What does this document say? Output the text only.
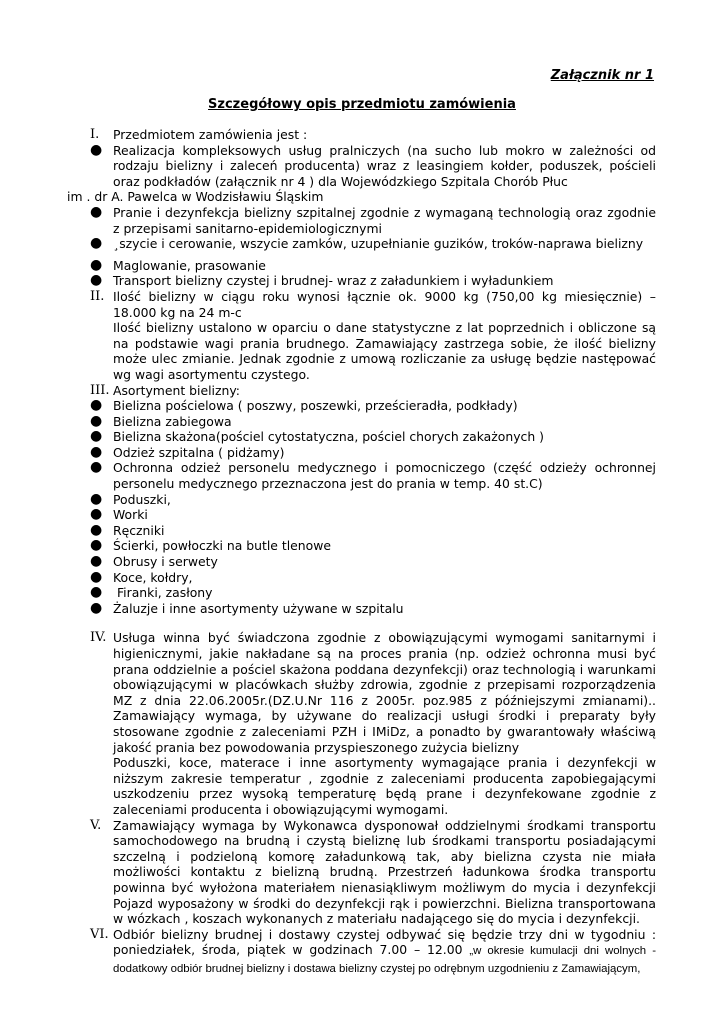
Załącznik nr 1
Szczegółowy opis przedmiotu zamówienia
I.	Przedmiotem zamówienia jest :
● Realizacja kompleksowych usług pralniczych (na sucho lub mokro w zależności od rodzaju bielizny i zaleceń producenta) wraz z leasingiem kołder, poduszek, pościeli oraz podkładów (załącznik nr 4 ) dla Wojewódzkiego Szpitala Chorób Płuc
im . dr A. Pawelca w Wodzisławiu Śląskim
● Pranie i dezynfekcja bielizny szpitalnej zgodnie z wymaganą technologią oraz zgodnie z przepisami sanitarno-epidemiologicznymi
● ¸szycie i cerowanie, wszycie zamków, uzupełnianie guzików, troków-naprawa bielizny
● Maglowanie, prasowanie
● Transport bielizny czystej i brudnej- wraz z załadunkiem i wyładunkiem
II. Ilość bielizny w ciągu roku wynosi łącznie ok. 9000 kg (750,00 kg miesięcznie) – 18.000 kg na 24 m-c
Ilość bielizny ustalono w oparciu o dane statystyczne z lat poprzednich i obliczone są na podstawie wagi prania brudnego. Zamawiający zastrzega sobie, że ilość bielizny może ulec zmianie. Jednak zgodnie z umową rozliczanie za usługę będzie następować wg wagi asortymentu czystego.
III. Asortyment bielizny:
● Bielizna pościelowa ( poszwy, poszewki, prześcieradła, podkłady)
● Bielizna zabiegowa
● Bielizna skażona(pościel cytostatyczna, pościel chorych zakażonych )
● Odzież szpitalna ( pidżamy)
● Ochronna odzież personelu medycznego i pomocniczego (część odzieży ochronnej personelu medycznego przeznaczona jest do prania w temp. 40 st.C)
● Poduszki,
● Worki
● Ręczniki
● Ścierki, powłoczki na butle tlenowe
● Obrusy i serwety
● Koce, kołdry,
● Firanki, zasłony
● Żaluzje i inne asortymenty używane w szpitalu
IV. Usługa winna być świadczona zgodnie z obowiązującymi wymogami sanitarnymi i higienicznymi, jakie nakładane są na proces prania (np. odzież ochronna musi być prana oddzielnie a pościel skażona poddana dezynfekcji) oraz technologią i warunkami obowiązującymi w placówkach służby zdrowia, zgodnie z przepisami rozporządzenia MZ z dnia 22.06.2005r.(DZ.U.Nr 116 z 2005r. poz.985 z późniejszymi zmianami).. Zamawiający wymaga, by używane do realizacji usługi środki i preparaty były stosowane zgodnie z zaleceniami PZH i IMiDz, a ponadto by gwarantowały właściwą jakość prania bez powodowania przyspieszonego zużycia bielizny
Poduszki, koce, materace i inne asortymenty wymagające prania i dezynfekcji w niższym zakresie temperatur , zgodnie z zaleceniami producenta zapobiegającymi uszkodzeniu przez wysoką temperaturę będą prane i dezynfekowane zgodnie z zaleceniami producenta i obowiązującymi wymogami.
V. Zamawiający wymaga by Wykonawca dysponował oddzielnymi środkami transportu samochodowego na brudną i czystą bieliznę lub środkami transportu posiadającymi szczelną i podzieloną komorę załadunkową tak, aby bielizna czysta nie miała możliwości kontaktu z bielizną brudną. Przestrzeń ładunkowa środka transportu powinna być wyłożona materiałem nienasiąkliwym możliwym do mycia i dezynfekcji Pojazd wyposażony w środki do dezynfekcji rąk i powierzchni. Bielizna transportowana w wózkach , koszach wykonanych z materiału nadającego się do mycia i dezynfekcji.
VI. Odbiór bielizny brudnej i dostawy czystej odbywać się będzie trzy dni w tygodniu : poniedziałek, środa, piątek w godzinach 7.00 – 12.00 „w okresie kumulacji dni wolnych - dodatkowy odbiór brudnej bielizny i dostawa bielizny czystej po odrębnym uzgodnieniu z Zamawiającym,
